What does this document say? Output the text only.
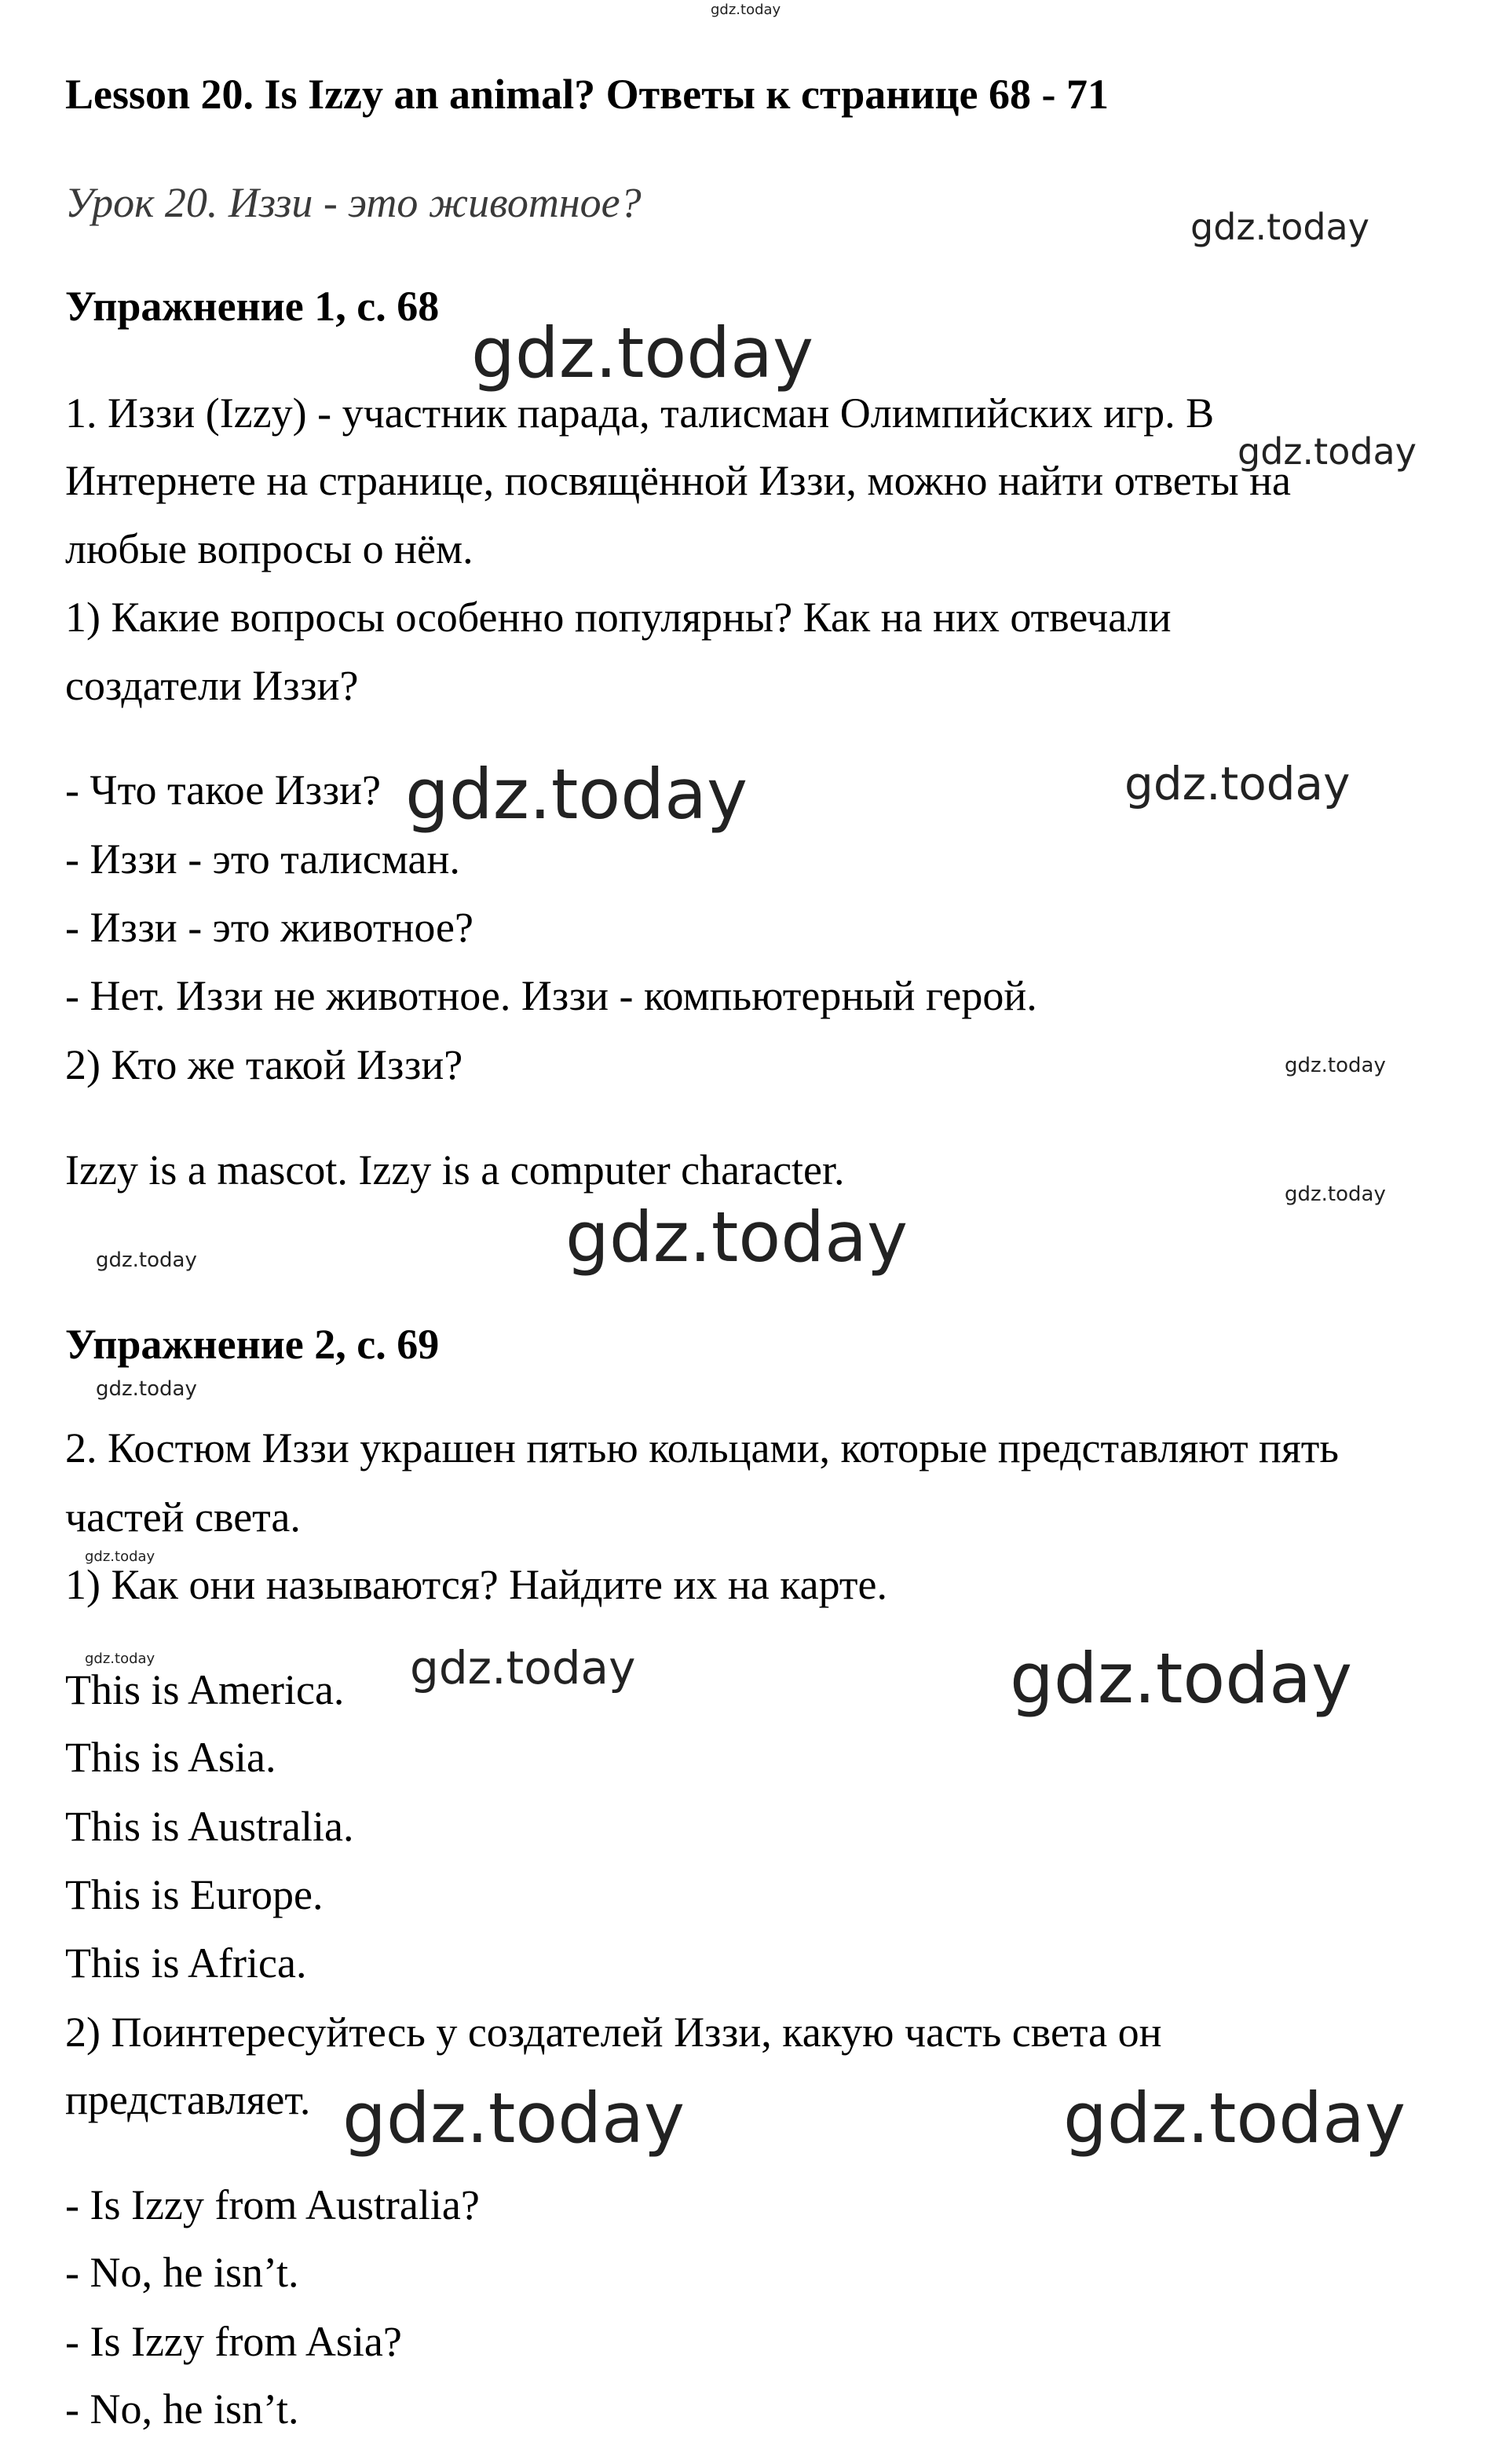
gdz.today
gdz.today
gdz.today
gdz.today
gdz.today	gdz.today
gdz.today
gdz.today
gdz.today
gdz.today
gdz.today
gdz.today
gdz.today	gdz.today	gdz.today
gdz.today	gdz.today
Lesson 20. Is Izzy an animal? Ответы к странице 68 - 71
Урок 20. Иззи - это животное?
Упражнение 1, с. 68
1. Иззи (Izzy) - участник парада, талисман Олимпийских игр. В
Интернете на странице, посвящённой Иззи, можно найти ответы на
любые вопросы о нём.
1) Какие вопросы особенно популярны? Как на них отвечали
создатели Иззи?
- Что такое Иззи?
- Иззи - это талисман.
- Иззи - это животное?
- Нет. Иззи не животное. Иззи - компьютерный герой.
2) Кто же такой Иззи?
Izzy is a mascot. Izzy is a computer character.
Упражнение 2, с. 69
2. Костюм Иззи украшен пятью кольцами, которые представляют пять
частей света.
1) Как они называются? Найдите их на карте.
This is America.
This is Asia.
This is Australia.
This is Europe.
This is Africa.
2) Поинтересуйтесь у создателей Иззи, какую часть света он
представляет.
- Is Izzy from Australia?
- No, he isn’t.
- Is Izzy from Asia?
- No, he isn’t.
